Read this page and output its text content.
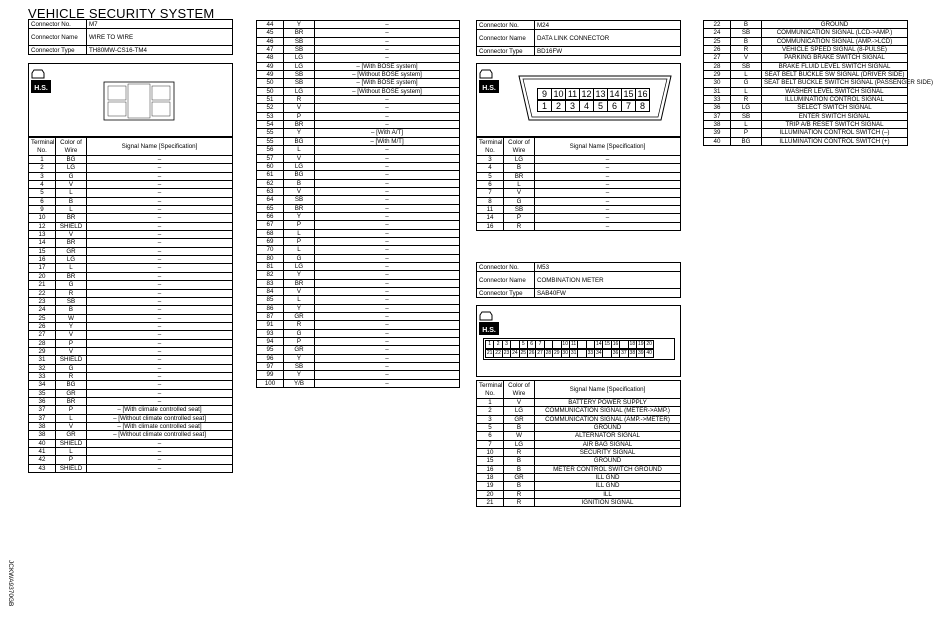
VEHICLE SECURITY SYSTEM
Connector No.	M7
Connector Name	WIRE TO WIRE
Connector Type	TH80MW-CS16-TM4
H.S.
Terminal No.	Color of Wire	Signal Name [Specification]
1	BG	–
2	LG	–
3	G	–
4	V	–
5	L	–
6	B	–
9	L	–
10	BR	–
12	SHIELD	–
13	V	–
14	BR	–
15	GR	–
16	LG	–
17	L	–
20	BR	–
21	G	–
22	R	–
23	SB	–
24	B	–
25	W	–
26	Y	–
27	V	–
28	P	–
29	V	–
31	SHIELD	–
32	G	–
33	R	–
34	BG	–
35	GR	–
36	BR	–
37	P	– [With climate controlled seat]
37	L	– [Without climate controlled seat]
38	V	– [With climate controlled seat]
38	GR	– [Without climate controlled seat]
40	SHIELD	–
41	L	–
42	P	–
43	SHIELD	–
44	Y	–
45	BR	–
46	SB	–
47	SB	–
48	LG	–
49	LG	– [With BOSE system]
49	SB	– [Without BOSE system]
50	SB	– [With BOSE system]
50	LG	– [Without BOSE system]
51	R	–
52	V	–
53	P	–
54	BR	–
55	Y	– [With A/T]
55	BG	– [With M/T]
56	L	–
57	V	–
60	LG	–
61	BG	–
62	B	–
63	V	–
64	SB	–
65	BR	–
66	Y	–
67	P	–
68	L	–
69	P	–
70	L	–
80	G	–
81	LG	–
82	Y	–
83	BR	–
84	V	–
85	L	–
86	Y	–
87	GR	–
91	R	–
93	G	–
94	P	–
95	GR	–
96	Y	–
97	SB	–
99	Y	–
100	Y/B	–
Connector No.	M24
Connector Name	DATA LINK CONNECTOR
Connector Type	BD16FW
H.S.
9 10 11 12 13 14 15 16
1 2 3 4 5 6 7 8
Terminal No.	Color of Wire	Signal Name [Specification]
3	LG	–
4	B	–
5	BR	–
6	L	–
7	V	–
8	G	–
11	SB	–
14	P	–
16	R	–
Connector No.	M53
Connector Name	COMBINATION METER
Connector Type	SAB40FW
H.S.
1	2	3	5	6	7	10 11	14 15 16	18 19 20
21 22 23 24 25 26 27 28 29 30 31	33 34	36 37 38 39 40
Terminal No.	Color of Wire	Signal Name [Specification]
1	V	BATTERY POWER SUPPLY
2	LG	COMMUNICATION SIGNAL (METER->AMP.)
3	GR	COMMUNICATION SIGNAL (AMP.->METER)
5	B	GROUND
6	W	ALTERNATOR SIGNAL
7	LG	AIR BAG SIGNAL
10	R	SECURITY SIGNAL
15	B	GROUND
16	B	METER CONTROL SWITCH GROUND
18	GR	ILL GND
19	B	ILL GND
20	R	ILL
21	R	IGNITION SIGNAL
22	B	GROUND
24	SB	COMMUNICATION SIGNAL (LCD->AMP.)
25	B	COMMUNICATION SIGNAL (AMP.->LCD)
26	R	VEHICLE SPEED SIGNAL (8-PULSE)
27	V	PARKING BRAKE SWITCH SIGNAL
28	SB	BRAKE FLUID LEVEL SWITCH SIGNAL
29	L	SEAT BELT BUCKLE SW SIGNAL (DRIVER SIDE)
30	G	SEAT BELT BUCKLE SWITCH SIGNAL (PASSENGER SIDE)
31	L	WASHER LEVEL SWITCH SIGNAL
33	R	ILLUMINATION CONTROL SIGNAL
36	LG	SELECT SWITCH SIGNAL
37	SB	ENTER SWITCH SIGNAL
38	L	TRIP A/B RESET SWITCH SIGNAL
39	P	ILLUMINATION CONTROL SWITCH (–)
40	BG	ILLUMINATION CONTROL SWITCH (+)
JCKWA9370GB
